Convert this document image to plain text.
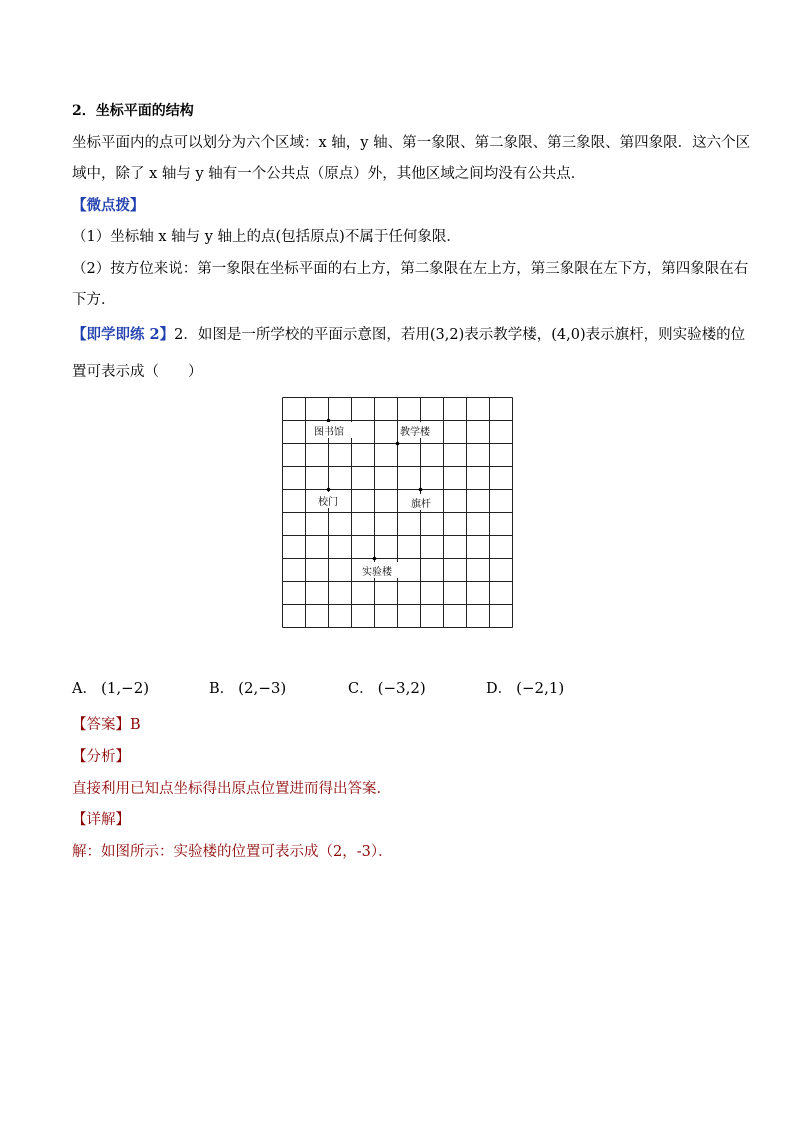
2．坐标平面的结构
坐标平面内的点可以划分为六个区域：x 轴，y 轴、第一象限、第二象限、第三象限、第四象限．这六个区
域中，除了 x 轴与 y 轴有一个公共点（原点）外，其他区域之间均没有公共点．
【微点拨】
（1）坐标轴 x 轴与 y 轴上的点(包括原点)不属于任何象限．
（2）按方位来说：第一象限在坐标平面的右上方，第二象限在左上方，第三象限在左下方，第四象限在右
下方．
【即学即练 2】2．如图是一所学校的平面示意图，若用(3,2)表示教学楼，(4,0)表示旗杆，则实验楼的位
置可表示成（　　）
图书馆	教学楼
校门	旗杆
实验楼
A． (1,−2)	B． (2,−3)	C． (−3,2)	D． (−2,1)
【答案】B
【分析】
直接利用已知点坐标得出原点位置进而得出答案．
【详解】
解：如图所示：实验楼的位置可表示成（2，-3）．
